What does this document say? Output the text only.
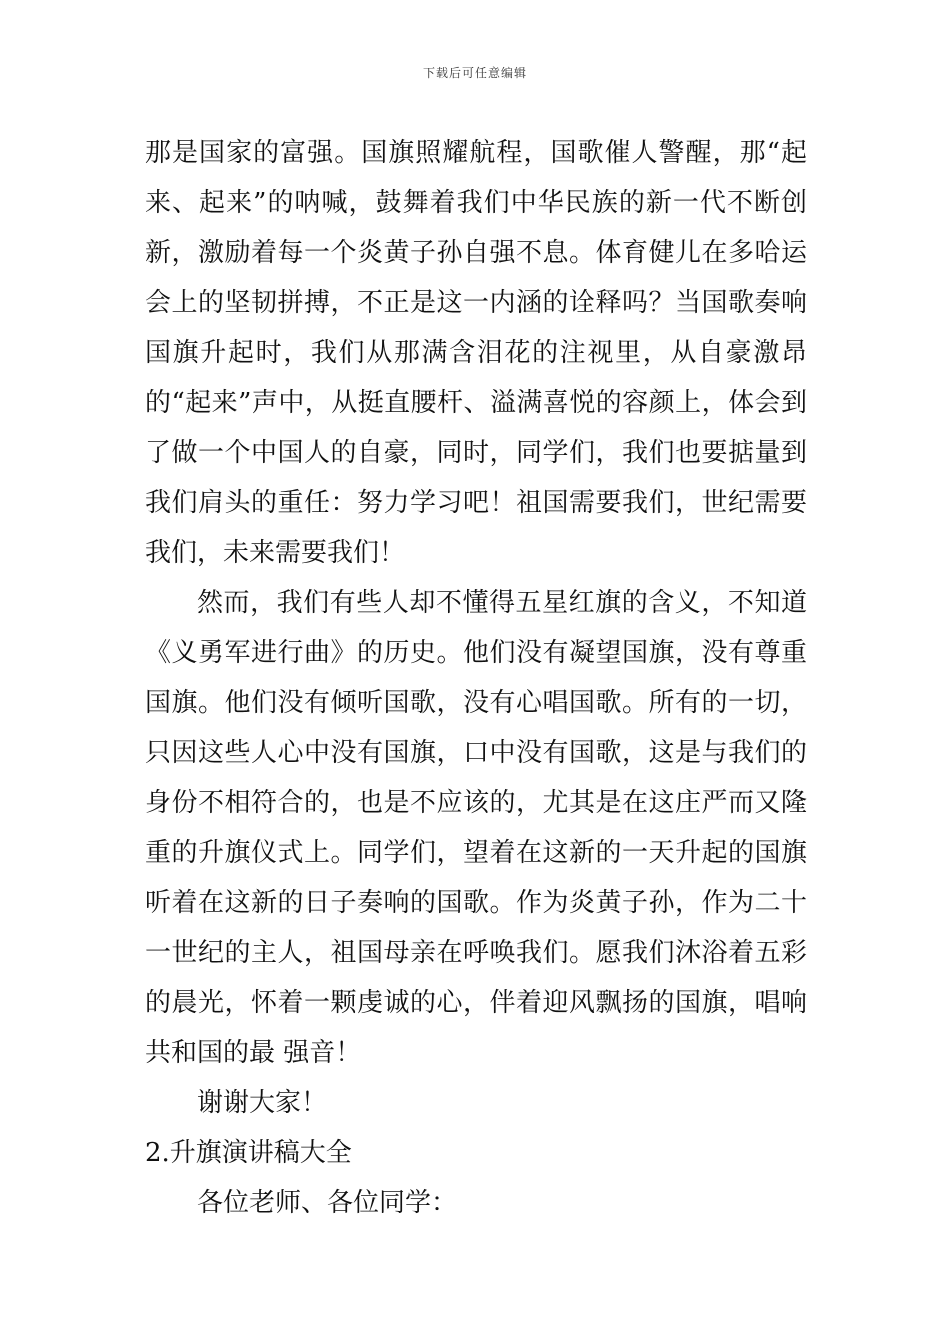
下载后可任意编辑

那是国家的富强。国旗照耀航程，国歌催人警醒，那“起来、起来”的呐喊，鼓舞着我们中华民族的新一代不断创新，激励着每一个炎黄子孙自强不息。体育健儿在多哈运会上的坚韧拼搏，不正是这一内涵的诠释吗？当国歌奏响国旗升起时，我们从那满含泪花的注视里，从自豪激昂的“起来”声中，从挺直腰杆、溢满喜悦的容颜上，体会到了做一个中国人的自豪，同时，同学们，我们也要掂量到我们肩头的重任：努力学习吧！祖国需要我们，世纪需要我们，未来需要我们！

然而，我们有些人却不懂得五星红旗的含义，不知道《义勇军进行曲》的历史。他们没有凝望国旗，没有尊重国旗。他们没有倾听国歌，没有心唱国歌。所有的一切，只因这些人心中没有国旗，口中没有国歌，这是与我们的身份不相符合的，也是不应该的，尤其是在这庄严而又隆重的升旗仪式上。同学们，望着在这新的一天升起的国旗听着在这新的日子奏响的国歌。作为炎黄子孙，作为二十一世纪的主人，祖国母亲在呼唤我们。愿我们沐浴着五彩的晨光，怀着一颗虔诚的心，伴着迎风飘扬的国旗，唱响共和国的最 强音！

谢谢大家！

2.升旗演讲稿大全

各位老师、各位同学：
